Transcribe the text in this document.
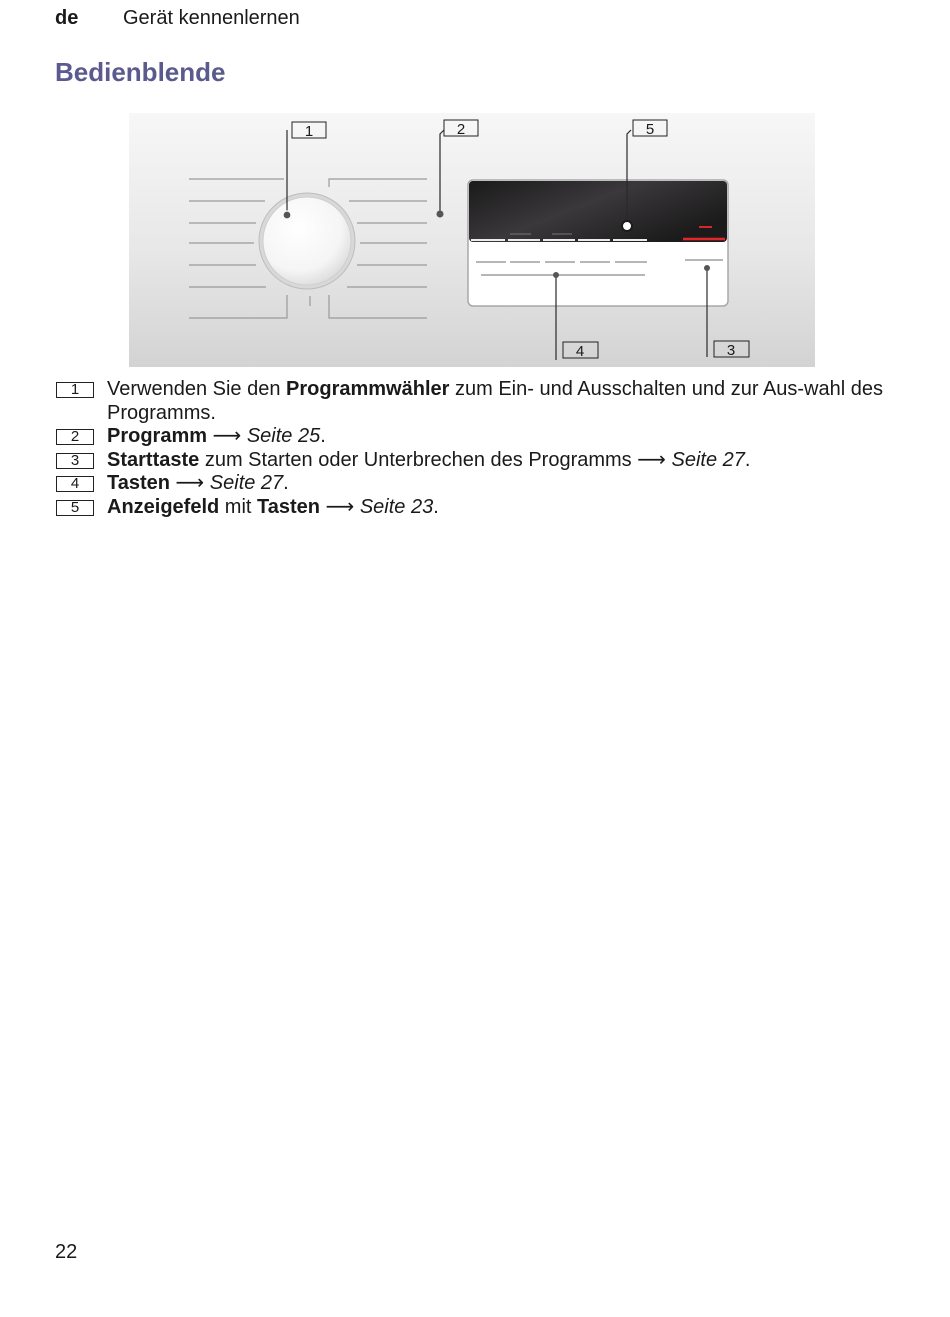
de Gerät kennenlernen
Bedienblende
1	2	5
4	3
1	Verwenden Sie den Programmwähler zum Ein- und Ausschalten und zur Aus-wahl des Programms.
2	Programm ⟶ Seite 25.
3	Starttaste zum Starten oder Unterbrechen des Programms ⟶ Seite 27.
4	Tasten ⟶ Seite 27.
5	Anzeigefeld mit Tasten ⟶ Seite 23.
22
